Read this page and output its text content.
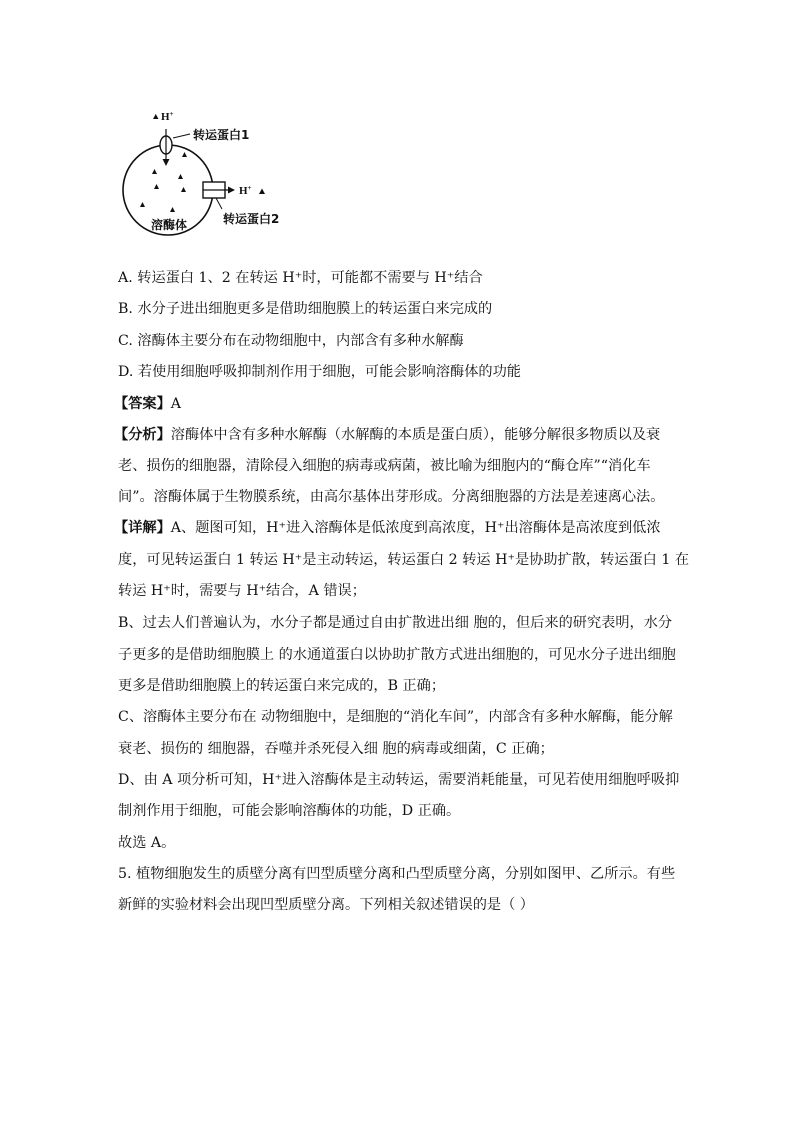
H+
转运蛋白1
H+
转运蛋白2
溶酶体
A. 转运蛋白 1、2 在转运 H⁺时，可能都不需要与 H⁺结合
B. 水分子进出细胞更多是借助细胞膜上的转运蛋白来完成的
C. 溶酶体主要分布在动物细胞中，内部含有多种水解酶
D. 若使用细胞呼吸抑制剂作用于细胞，可能会影响溶酶体的功能
【答案】A
【分析】溶酶体中含有多种水解酶（水解酶的本质是蛋白质），能够分解很多物质以及衰
老、损伤的细胞器，清除侵入细胞的病毒或病菌，被比喻为细胞内的“酶仓库”“消化车
间”。溶酶体属于生物膜系统，由高尔基体出芽形成。分离细胞器的方法是差速离心法。
【详解】A、题图可知，H⁺进入溶酶体是低浓度到高浓度，H⁺出溶酶体是高浓度到低浓
度，可见转运蛋白 1 转运 H⁺是主动转运，转运蛋白 2 转运 H⁺是协助扩散，转运蛋白 1 在
转运 H⁺时，需要与 H⁺结合，A 错误；
B、过去人们普遍认为，水分子都是通过自由扩散进出细 胞的，但后来的研究表明，水分
子更多的是借助细胞膜上 的水通道蛋白以协助扩散方式进出细胞的，可见水分子进出细胞
更多是借助细胞膜上的转运蛋白来完成的，B 正确；
C、溶酶体主要分布在 动物细胞中，是细胞的“消化车间”，内部含有多种水解酶，能分解
衰老、损伤的 细胞器，吞噬并杀死侵入细 胞的病毒或细菌，C 正确；
D、由 A 项分析可知，H⁺进入溶酶体是主动转运，需要消耗能量，可见若使用细胞呼吸抑
制剂作用于细胞，可能会影响溶酶体的功能，D 正确。
故选 A。
5. 植物细胞发生的质壁分离有凹型质壁分离和凸型质壁分离，分别如图甲、乙所示。有些
新鲜的实验材料会出现凹型质壁分离。下列相关叙述错误的是（ ）
